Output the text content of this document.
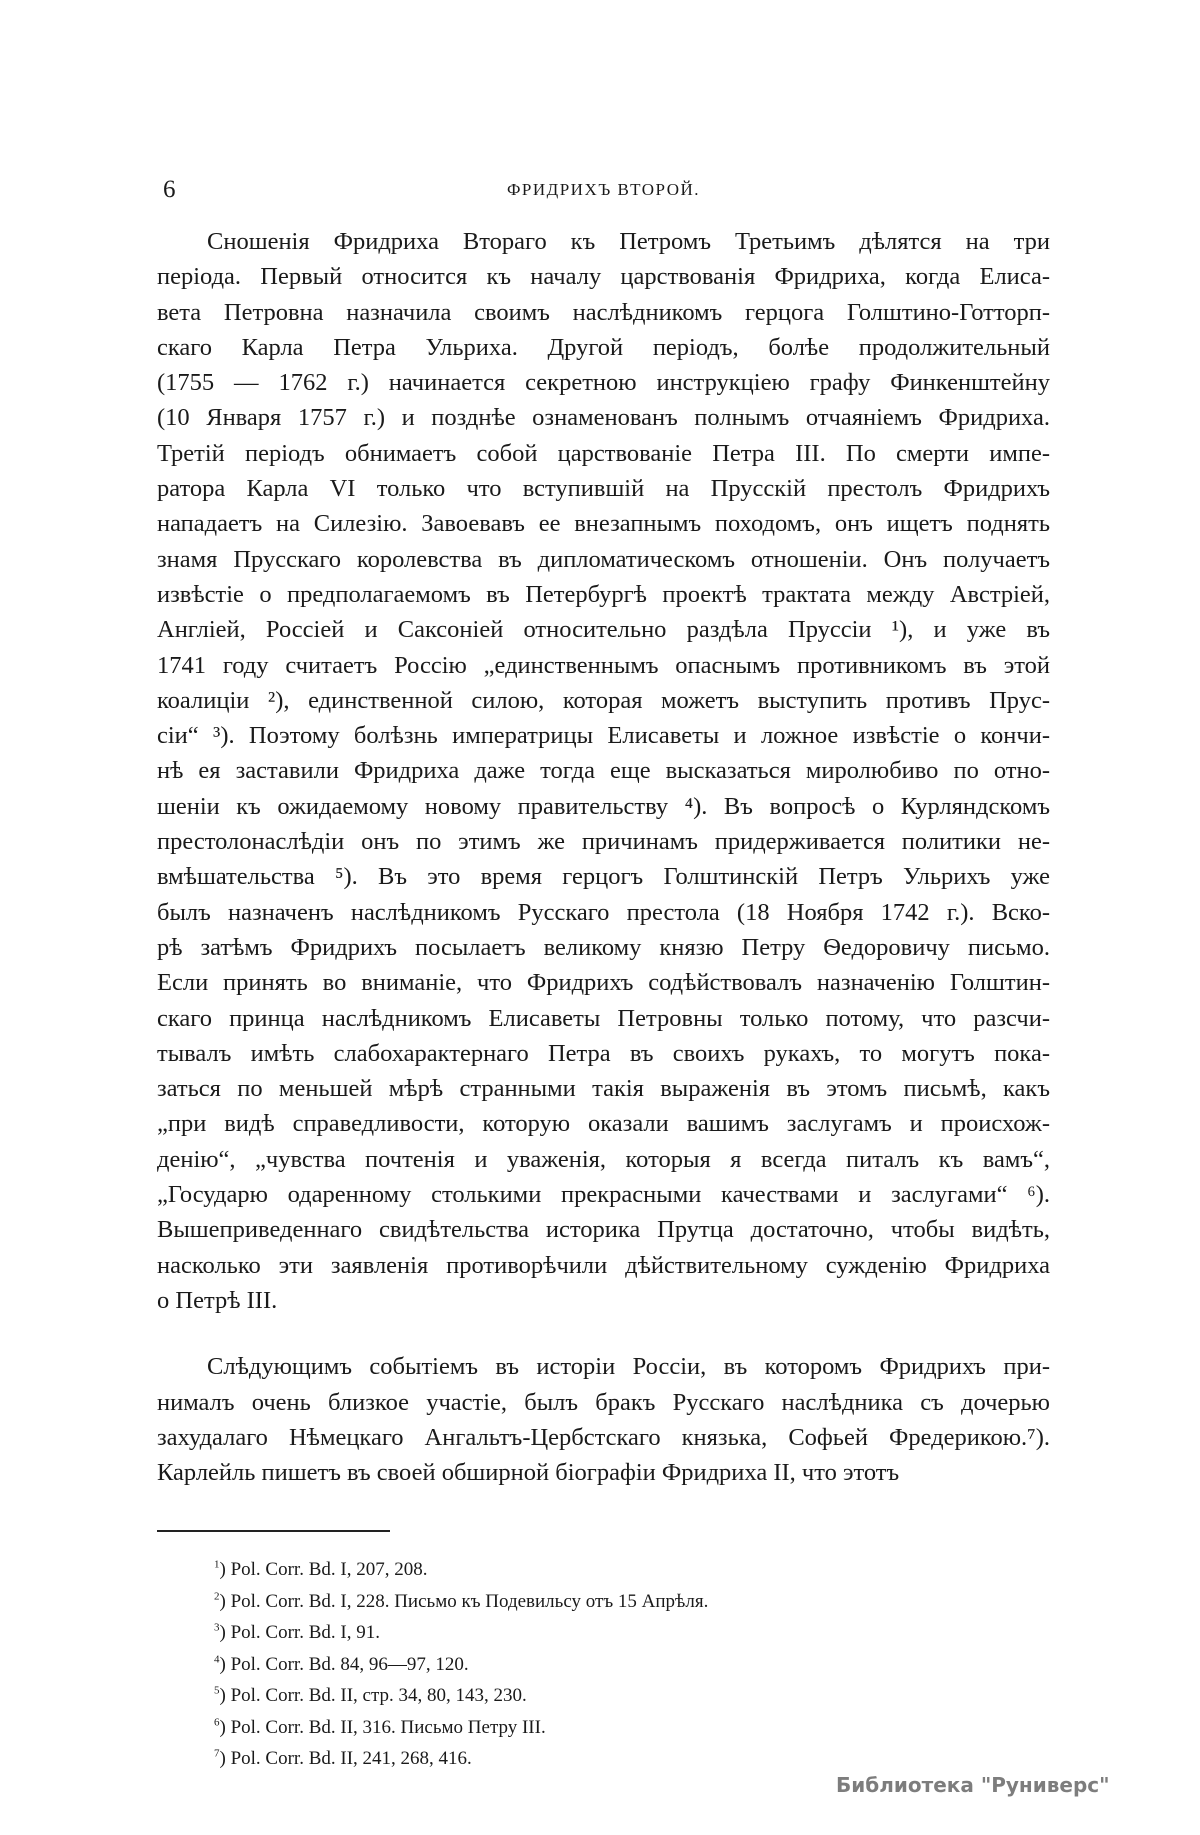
6	ФРИДРИХЪ ВТОРОЙ.

Сношенія Фридриха Втораго къ Петромъ Третьимъ дѣлятся на три
періода. Первый относится къ началу царствованія Фридриха, когда Елиса-
вета Петровна назначила своимъ наслѣдникомъ герцога Голштино-Готторп-
скаго Карла Петра Ульриха. Другой періодъ, болѣе продолжительный
(1755 — 1762 г.) начинается секретною инструкціею графу Финкенштейну
(10 Января 1757 г.) и позднѣе ознаменованъ полнымъ отчаяніемъ Фридриха.
Третій періодъ обнимаетъ собой царствованіе Петра III. По смерти импе-
ратора Карла VI только что вступившій на Прусскій престолъ Фридрихъ
нападаетъ на Силезію. Завоевавъ ее внезапнымъ походомъ, онъ ищетъ поднять
знамя Прусскаго королевства въ дипломатическомъ отношеніи. Онъ получаетъ
извѣстіе о предполагаемомъ въ Петербургѣ проектѣ трактата между Австріей,
Англіей, Россіей и Саксоніей относительно раздѣла Пруссіи ¹), и уже въ
1741 году считаетъ Россію „единственнымъ опаснымъ противникомъ въ этой
коалиціи ²), единственной силою, которая можетъ выступить противъ Прус-
сіи“ ³). Поэтому болѣзнь императрицы Елисаветы и ложное извѣстіе о кончи-
нѣ ея заставили Фридриха даже тогда еще высказаться миролюбиво по отно-
шеніи къ ожидаемому новому правительству ⁴). Въ вопросѣ о Курляндскомъ
престолонаслѣдіи онъ по этимъ же причинамъ придерживается политики не-
вмѣшательства ⁵). Въ это время герцогъ Голштинскій Петръ Ульрихъ уже
былъ назначенъ наслѣдникомъ Русскаго престола (18 Ноября 1742 г.). Вско-
рѣ затѣмъ Фридрихъ посылаетъ великому князю Петру Ѳедоровичу письмо.
Если принять во вниманіе, что Фридрихъ содѣйствовалъ назначенію Голштин-
скаго принца наслѣдникомъ Елисаветы Петровны только потому, что разсчи-
тывалъ имѣть слабохарактернаго Петра въ своихъ рукахъ, то могутъ пока-
заться по меньшей мѣрѣ странными такія выраженія въ этомъ письмѣ, какъ
„при видѣ справедливости, которую оказали вашимъ заслугамъ и происхож-
денію“, „чувства почтенія и уваженія, которыя я всегда питалъ къ вамъ“,
„Государю одаренному столькими прекрасными качествами и заслугами“ ⁶).
Вышеприведеннаго свидѣтельства историка Прутца достаточно, чтобы видѣть,
насколько эти заявленія противорѣчили дѣйствительному сужденію Фридриха
о Петрѣ III.

Слѣдующимъ событіемъ въ исторіи Россіи, въ которомъ Фридрихъ при-
нималъ очень близкое участіе, былъ бракъ Русскаго наслѣдника съ дочерью
захудалаго Нѣмецкаго Ангальтъ-Цербстскаго князька, Софьей Фредерикою.⁷).
Карлейль пишетъ въ своей обширной біографіи Фридриха II, что этотъ

$^1$) Pol. Corr. Bd. I, 207, 208.
$^2$) Pol. Corr. Bd. I, 228. Письмо къ Подевильсу отъ 15 Апрѣля.
$^3$) Pol. Corr. Bd. I, 91.
$^4$) Pol. Corr. Bd. 84, 96—97, 120.
$^5$) Pol. Corr. Bd. II, стр. 34, 80, 143, 230.
$^6$) Pol. Corr. Bd. II, 316. Письмо Петру III.
$^7$) Pol. Corr. Bd. II, 241, 268, 416.
Библиотека "Руниверс"
